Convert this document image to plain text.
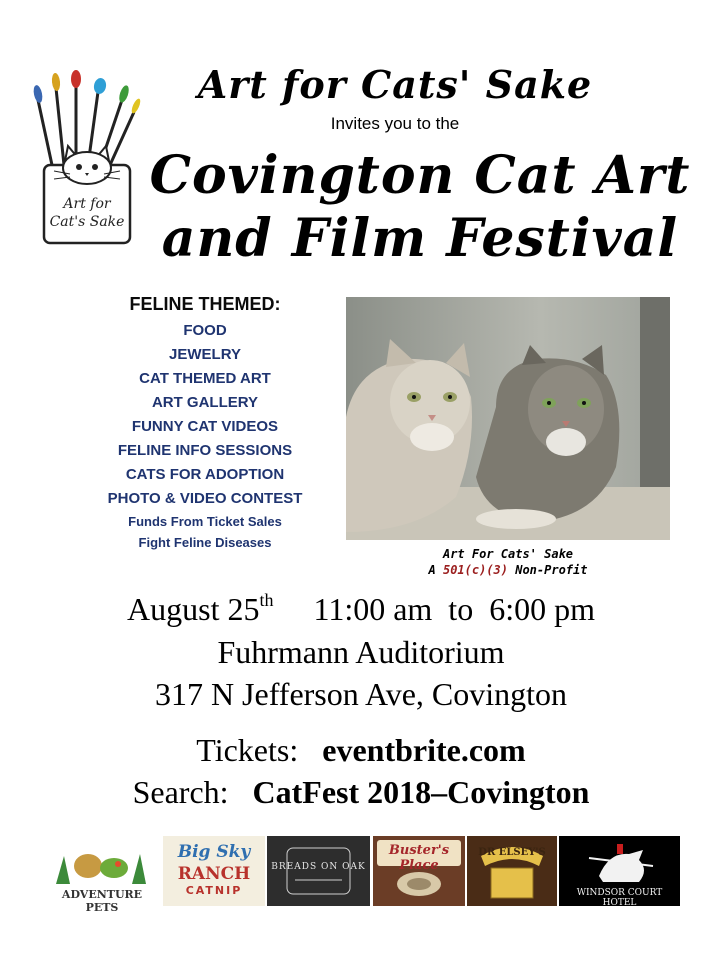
Art for
Cat's Sake
Art for Cats' Sake
Invites you to the
Covington Cat Art
and Film Festival
FELINE THEMED:
FOOD
JEWELRY
CAT THEMED ART
ART GALLERY
FUNNY CAT VIDEOS
FELINE INFO SESSIONS
CATS FOR ADOPTION
PHOTO & VIDEO CONTEST
Funds From Ticket Sales
Fight Feline Diseases
Art For Cats' Sake
A 501(c)(3) Non-Profit
August 25th 11:00 am  to  6:00 pm
Fuhrmann Auditorium
317 N Jefferson Ave, Covington
Tickets: eventbrite.com
Search: CatFest 2018–Covington
ADVENTURE PETS
Big Sky
RANCH
CATNIP
BREADS ON OAK
Buster's Place
DR ELSEY'S
WINDSOR COURT HOTEL
